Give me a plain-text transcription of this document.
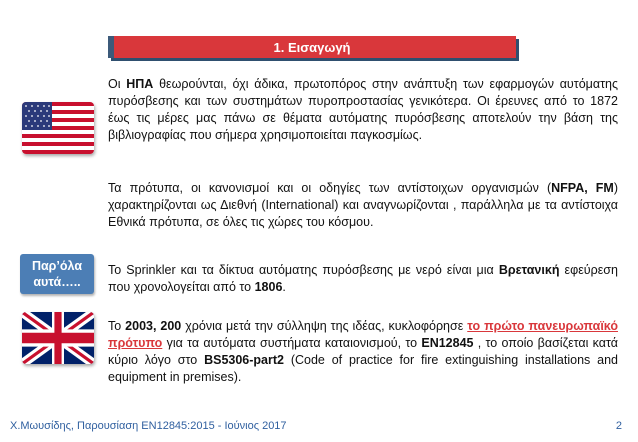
1. Εισαγωγή
Οι ΗΠΑ θεωρούνται, όχι άδικα, πρωτοπόρος στην ανάπτυξη των εφαρμογών αυτόματης πυρόσβεσης και των συστημάτων πυροπροστασίας γενικότερα. Οι έρευνες από το 1872 έως τις μέρες μας πάνω σε θέματα αυτόματης πυρόσβεσης αποτελούν την βάση της βιβλιογραφίας που σήμερα χρησιμοποιείται παγκοσμίως.
Τα πρότυπα, οι κανονισμοί και οι οδηγίες των αντίστοιχων οργανισμών (NFPA, FM) χαρακτηρίζονται ως Διεθνή (International) και αναγνωρίζονται , παράλληλα με τα αντίστοιχα Εθνικά πρότυπα, σε όλες τις χώρες του κόσμου.
Παρ’όλα
αυτά…..
Το Sprinkler και τα δίκτυα αυτόματης πυρόσβεσης με νερό είναι μια Βρετανική εφεύρεση που χρονολογείται από το 1806.
Το 2003, 200 χρόνια μετά την σύλληψη της ιδέας, κυκλοφόρησε το πρώτο πανευρωπαϊκό πρότυπο για τα αυτόματα συστήματα καταιονισμού, το EN12845 , το οποίο βασίζεται κατά κύριο λόγο στο BS5306-part2 (Code of practice for fire extinguishing installations and equipment in premises).
Χ.Μωυσίδης, Παρουσίαση EN12845:2015 - Ιούνιος 2017	2
